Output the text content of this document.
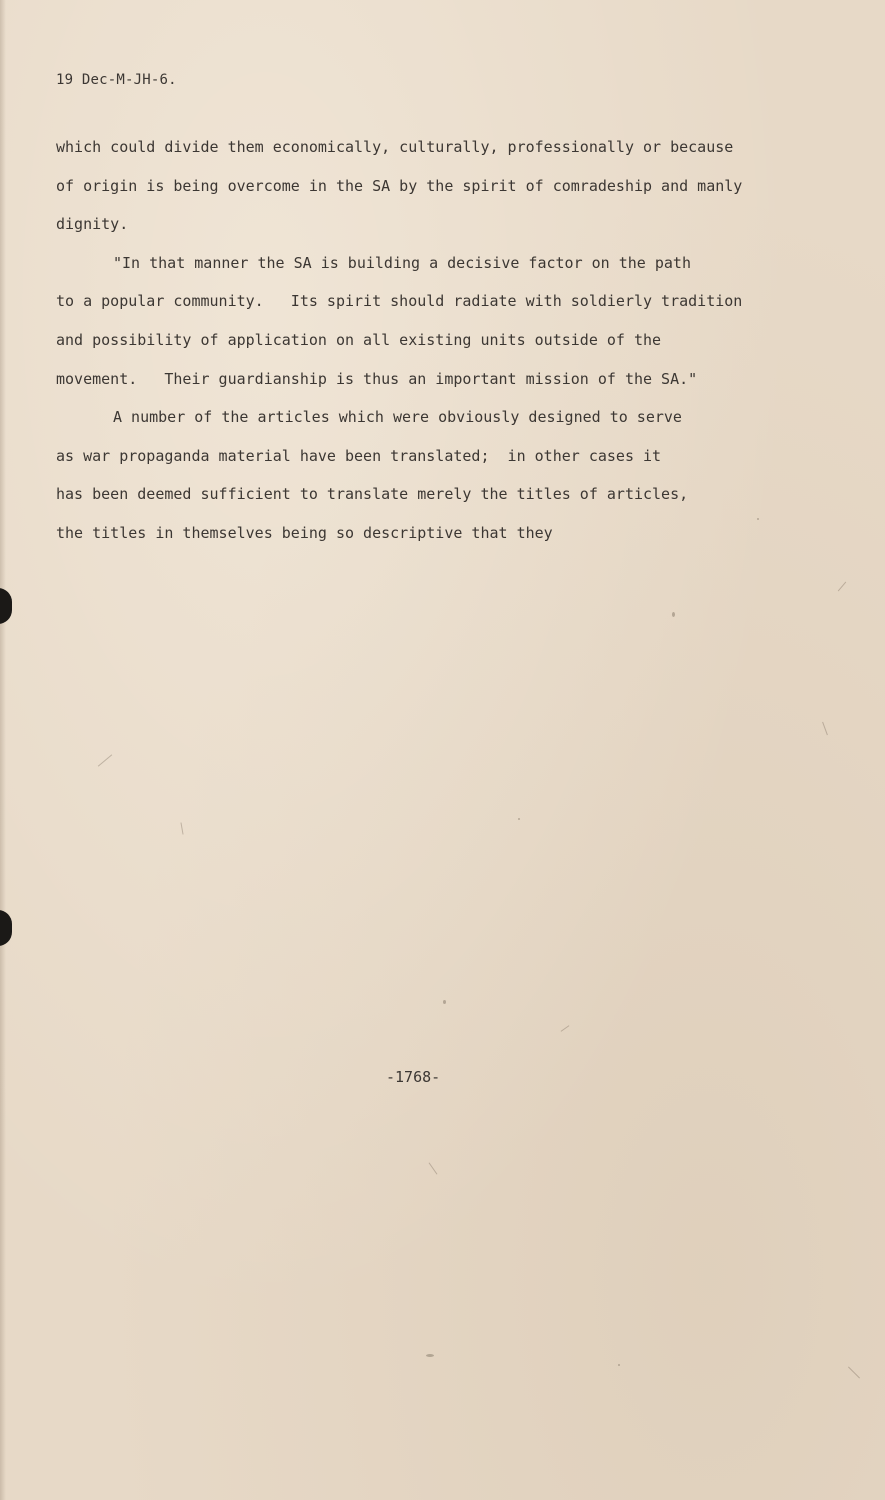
19 Dec-M-JH-6.

which could divide them economically, culturally, professionally or because
of origin is being overcome in the SA by the spirit of comradeship and manly
dignity.
"In that manner the SA is building a decisive factor on the path
to a popular community.   Its spirit should radiate with soldierly tradition
and possibility of application on all existing units outside of the
movement.   Their guardianship is thus an important mission of the SA."
A number of the articles which were obviously designed to serve
as war propaganda material have been translated;  in other cases it
has been deemed sufficient to translate merely the titles of articles,
the titles in themselves being so descriptive that they

-1768-
